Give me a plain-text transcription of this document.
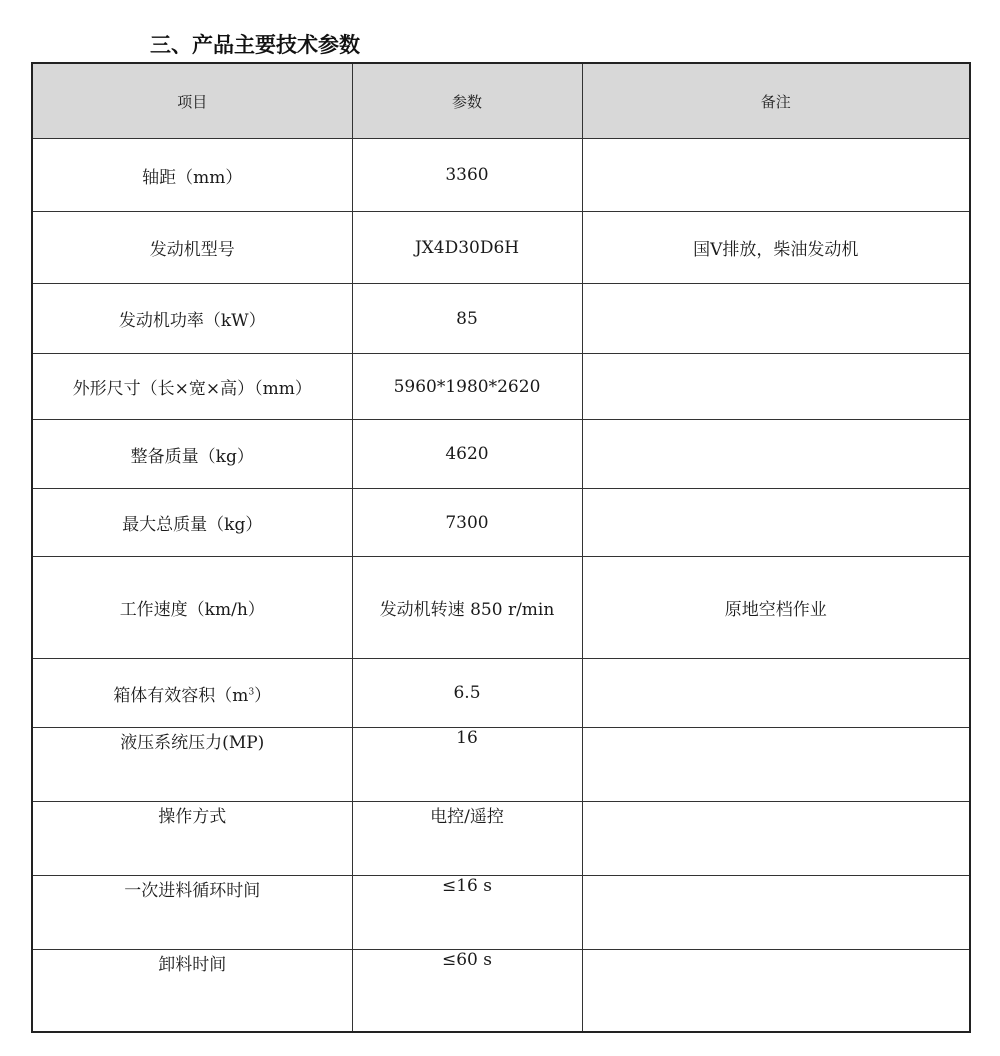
三、产品主要技术参数
项目	参数	备注
轴距（mm）	3360	
发动机型号	JX4D30D6H	国Ⅴ排放，柴油发动机
发动机功率（kW）	85	
外形尺寸（长×宽×高）（mm）	5960*1980*2620	
整备质量（kg）	4620	
最大总质量（kg）	7300	
工作速度（km/h）	发动机转速 850 r/min	原地空档作业
箱体有效容积$(m^3)$	6.5	
液压系统压力(MP)	16	
操作方式	电控/遥控	
一次进料循环时间	≤16 s	
卸料时间	≤60 s	
